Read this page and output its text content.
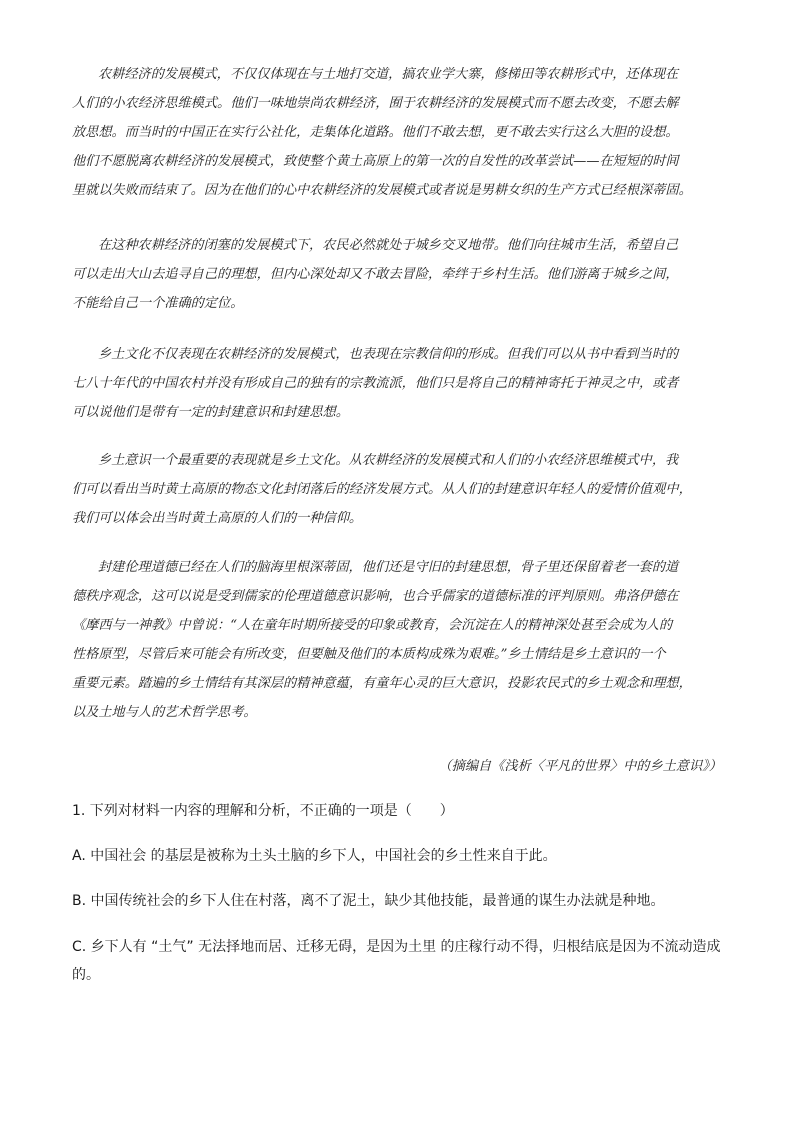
农耕经济的发展模式，不仅仅体现在与土地打交道，搞农业学大寨，修梯田等农耕形式中，还体现在
人们的小农经济思维模式。他们一味地崇尚农耕经济，囿于农耕经济的发展模式而不愿去改变，不愿去解
放思想。而当时的中国正在实行公社化，走集体化道路。他们不敢去想，更不敢去实行这么大胆的设想。
他们不愿脱离农耕经济的发展模式，致使整个黄土高原上的第一次的自发性的改革尝试——在短短的时间
里就以失败而结束了。因为在他们的心中农耕经济的发展模式或者说是男耕女织的生产方式已经根深蒂固。
在这种农耕经济的闭塞的发展模式下，农民必然就处于城乡交叉地带。他们向往城市生活，希望自己
可以走出大山去追寻自己的理想，但内心深处却又不敢去冒险，牵绊于乡村生活。他们游离于城乡之间，
不能给自己一个准确的定位。
乡土文化不仅表现在农耕经济的发展模式，也表现在宗教信仰的形成。但我们可以从书中看到当时的
七八十年代的中国农村并没有形成自己的独有的宗教流派，他们只是将自己的精神寄托于神灵之中，或者
可以说他们是带有一定的封建意识和封建思想。
乡土意识一个最重要的表现就是乡土文化。从农耕经济的发展模式和人们的小农经济思维模式中，我
们可以看出当时黄土高原的物态文化封闭落后的经济发展方式。从人们的封建意识年轻人的爱情价值观中，
我们可以体会出当时黄土高原的人们的一种信仰。
封建伦理道德已经在人们的脑海里根深蒂固，他们还是守旧的封建思想，骨子里还保留着老一套的道
德秩序观念，这可以说是受到儒家的伦理道德意识影响，也合乎儒家的道德标准的评判原则。弗洛伊德在
《摩西与一神教》中曾说：“人在童年时期所接受的印象或教育，会沉淀在人的精神深处甚至会成为人的
性格原型，尽管后来可能会有所改变，但要触及他们的本质构成殊为艰难。”乡土情结是乡土意识的一个
重要元素。踏遍的乡土情结有其深层的精神意蕴，有童年心灵的巨大意识，投影农民式的乡土观念和理想，
以及土地与人的艺术哲学思考。
（摘编自《浅析〈平凡的世界〉中的乡土意识》）
1. 下列对材料一内容的理解和分析，不正确的一项是（　　）
A. 中国社会 的基层是被称为土头土脑的乡下人，中国社会的乡土性来自于此。
B. 中国传统社会的乡下人住在村落，离不了泥土，缺少其他技能，最普通的谋生办法就是种地。
C. 乡下人有 “土气” 无法择地而居、迁移无碍，是因为土里 的庄稼行动不得，归根结底是因为不流动造成
的。
